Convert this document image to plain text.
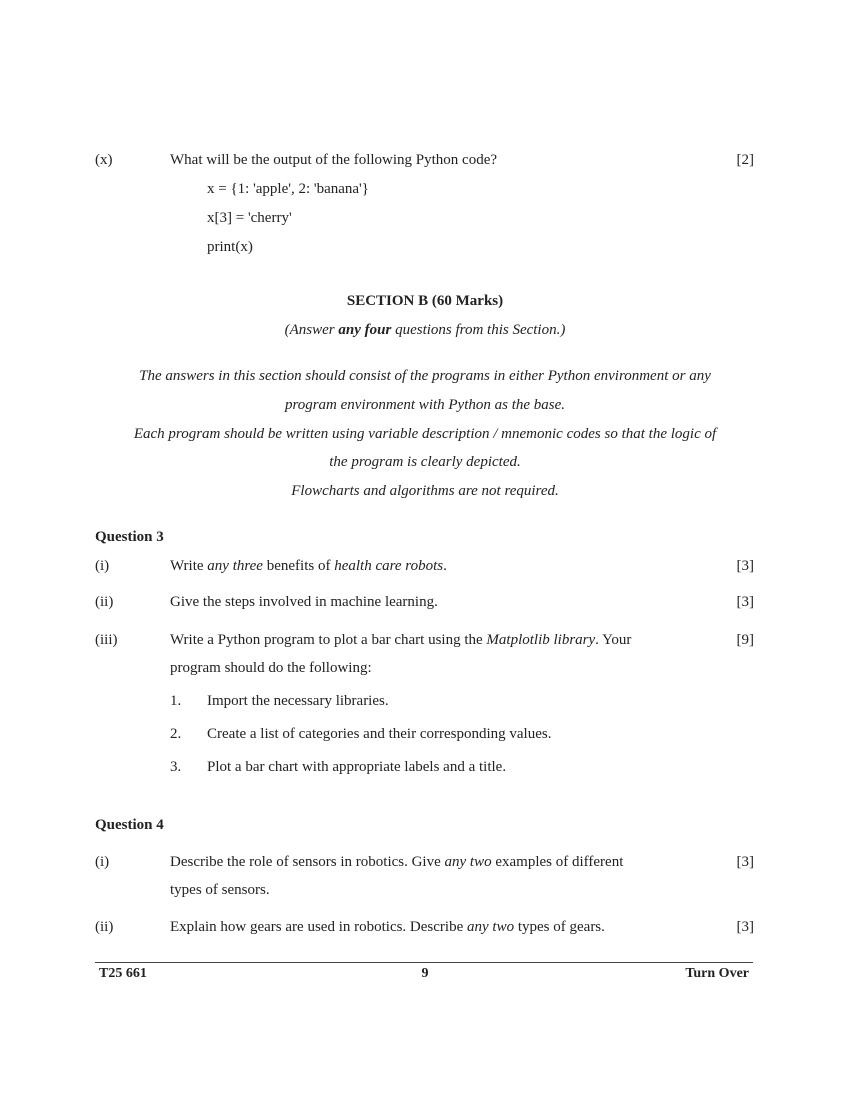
(x)	What will be the output of the following Python code?	[2]
x = {1: 'apple', 2: 'banana'}
x[3] = 'cherry'
print(x)
SECTION B (60 Marks)
(Answer any four questions from this Section.)
The answers in this section should consist of the programs in either Python environment or any
program environment with Python as the base.
Each program should be written using variable description / mnemonic codes so that the logic of
the program is clearly depicted.
Flowcharts and algorithms are not required.
Question 3
(i)	Write any three benefits of health care robots.	[3]
(ii)	Give the steps involved in machine learning.	[3]
(iii)	Write a Python program to plot a bar chart using the Matplotlib library. Your	[9]
program should do the following:
1. Import the necessary libraries.
2. Create a list of categories and their corresponding values.
3. Plot a bar chart with appropriate labels and a title.
Question 4
(i)	Describe the role of sensors in robotics. Give any two examples of different	[3]
types of sensors.
(ii)	Explain how gears are used in robotics. Describe any two types of gears.	[3]
T25 661	9	Turn Over
